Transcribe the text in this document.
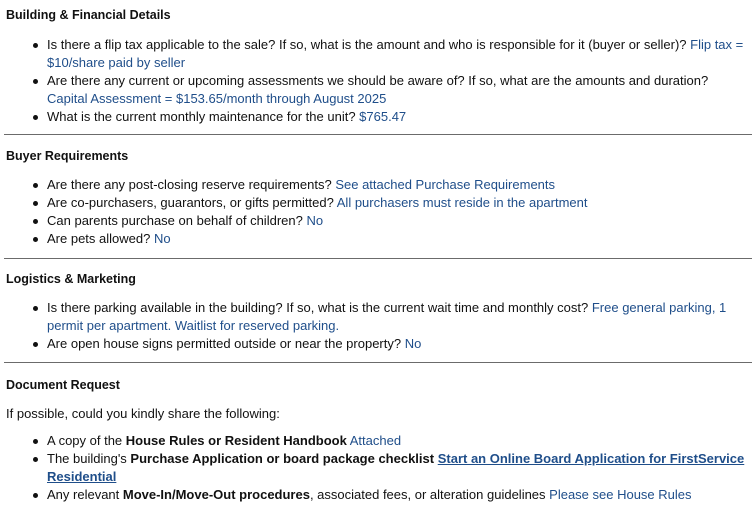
Building & Financial Details
Is there a flip tax applicable to the sale? If so, what is the amount and who is responsible for it (buyer or seller)? Flip tax = $10/share paid by seller
Are there any current or upcoming assessments we should be aware of? If so, what are the amounts and duration? Capital Assessment = $153.65/month through August 2025
What is the current monthly maintenance for the unit? $765.47
Buyer Requirements
Are there any post-closing reserve requirements? See attached Purchase Requirements
Are co-purchasers, guarantors, or gifts permitted? All purchasers must reside in the apartment
Can parents purchase on behalf of children? No
Are pets allowed? No
Logistics & Marketing
Is there parking available in the building? If so, what is the current wait time and monthly cost? Free general parking, 1 permit per apartment. Waitlist for reserved parking.
Are open house signs permitted outside or near the property? No
Document Request

If possible, could you kindly share the following:

A copy of the House Rules or Resident Handbook Attached
The building's Purchase Application or board package checklist Start an Online Board Application for FirstService Residential
Any relevant Move-In/Move-Out procedures, associated fees, or alteration guidelines Please see House Rules
